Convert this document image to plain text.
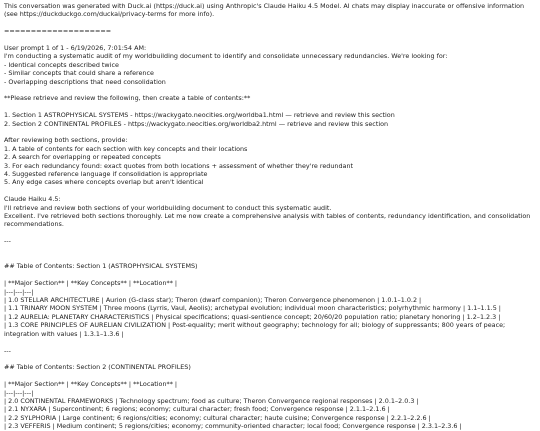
This conversation was generated with Duck.ai (https://duck.ai) using Anthropic's Claude Haiku 4.5 Model. AI chats may display inaccurate or offensive information (see https://duckduckgo.com/duckai/privacy-terms for more info).
====================
User prompt 1 of 1 - 6/19/2026, 7:01:54 AM:
I'm conducting a systematic audit of my worldbuilding document to identify and consolidate unnecessary redundancies. We're looking for:
- Identical concepts described twice
- Similar concepts that could share a reference
- Overlapping descriptions that need consolidation
**Please retrieve and review the following, then create a table of contents:**
1. Section 1 ASTROPHYSICAL SYSTEMS - https://wackygato.neocities.org/worldba1.html — retrieve and review this section
2. Section 2 CONTINENTAL PROFILES - https://wackygato.neocities.org/worldba2.html — retrieve and review this section
After reviewing both sections, provide:
1. A table of contents for each section with key concepts and their locations
2. A search for overlapping or repeated concepts
3. For each redundancy found: exact quotes from both locations + assessment of whether they're redundant
4. Suggested reference language if consolidation is appropriate
5. Any edge cases where concepts overlap but aren't identical
Claude Haiku 4.5:
I'll retrieve and review both sections of your worldbuilding document to conduct this systematic audit.
Excellent. I've retrieved both sections thoroughly. Let me now create a comprehensive analysis with tables of contents, redundancy identification, and consolidation recommendations.
---
## Table of Contents: Section 1 (ASTROPHYSICAL SYSTEMS)
| **Major Section** | **Key Concepts** | **Location** |
|---|---|---|
| 1.0 STELLAR ARCHITECTURE | Aurion (G-class star); Theron (dwarf companion); Theron Convergence phenomenon | 1.0.1–1.0.2 |
| 1.1 TRINARY MOON SYSTEM | Three moons (Lyrris, Vaul, Aeolis); archetypal evolution; individual moon characteristics; polyrhythmic harmony | 1.1–1.1.5 |
| 1.2 AURELIA: PLANETARY CHARACTERISTICS | Physical specifications; quasi-sentience concept; 20/60/20 population ratio; planetary honoring | 1.2–1.2.3 |
| 1.3 CORE PRINCIPLES OF AURELIAN CIVILIZATION | Post-equality; merit without geography; technology for all; biology of suppressants; 800 years of peace; integration with values | 1.3.1–1.3.6 |
---
## Table of Contents: Section 2 (CONTINENTAL PROFILES)
| **Major Section** | **Key Concepts** | **Location** |
|---|---|---|
| 2.0 CONTINENTAL FRAMEWORKS | Technology spectrum; food as culture; Theron Convergence regional responses | 2.0.1–2.0.3 |
| 2.1 NYXARA | Supercontinent; 6 regions; economy; cultural character; fresh food; Convergence response | 2.1.1–2.1.6 |
| 2.2 SYLPHORIA | Large continent; 6 regions/cities; economy; cultural character; haute cuisine; Convergence response | 2.2.1–2.2.6 |
| 2.3 VEFFERIS | Medium continent; 5 regions/cities; economy; community-oriented character; local food; Convergence response | 2.3.1–2.3.6 |
